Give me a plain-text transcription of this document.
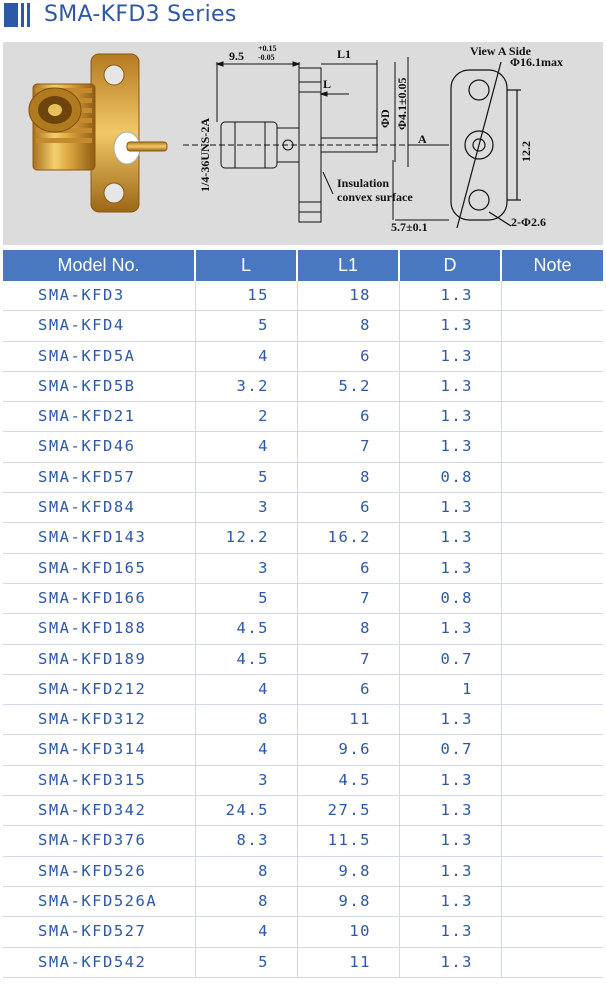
SMA-KFD3 Series
9.5
+0.15
-0.05	L1
L
1/4-36UNS-2A	ΦD Φ4.1±0.05
A
Insulation
convex surface
View A Side
Φ16.1max
12.2
5.7±0.1	2-Φ2.6
Model No.	L	L1	D	Note
SMA-KFD3	15	18	1.3
SMA-KFD4	5	8	1.3
SMA-KFD5A	4	6	1.3
SMA-KFD5B	3.2	5.2	1.3
SMA-KFD21	2	6	1.3
SMA-KFD46	4	7	1.3
SMA-KFD57	5	8	0.8
SMA-KFD84	3	6	1.3
SMA-KFD143	12.2	16.2	1.3
SMA-KFD165	3	6	1.3
SMA-KFD166	5	7	0.8
SMA-KFD188	4.5	8	1.3
SMA-KFD189	4.5	7	0.7
SMA-KFD212	4	6	1
SMA-KFD312	8	11	1.3
SMA-KFD314	4	9.6	0.7
SMA-KFD315	3	4.5	1.3
SMA-KFD342	24.5	27.5	1.3
SMA-KFD376	8.3	11.5	1.3
SMA-KFD526	8	9.8	1.3
SMA-KFD526A	8	9.8	1.3
SMA-KFD527	4	10	1.3
SMA-KFD542	5	11	1.3
